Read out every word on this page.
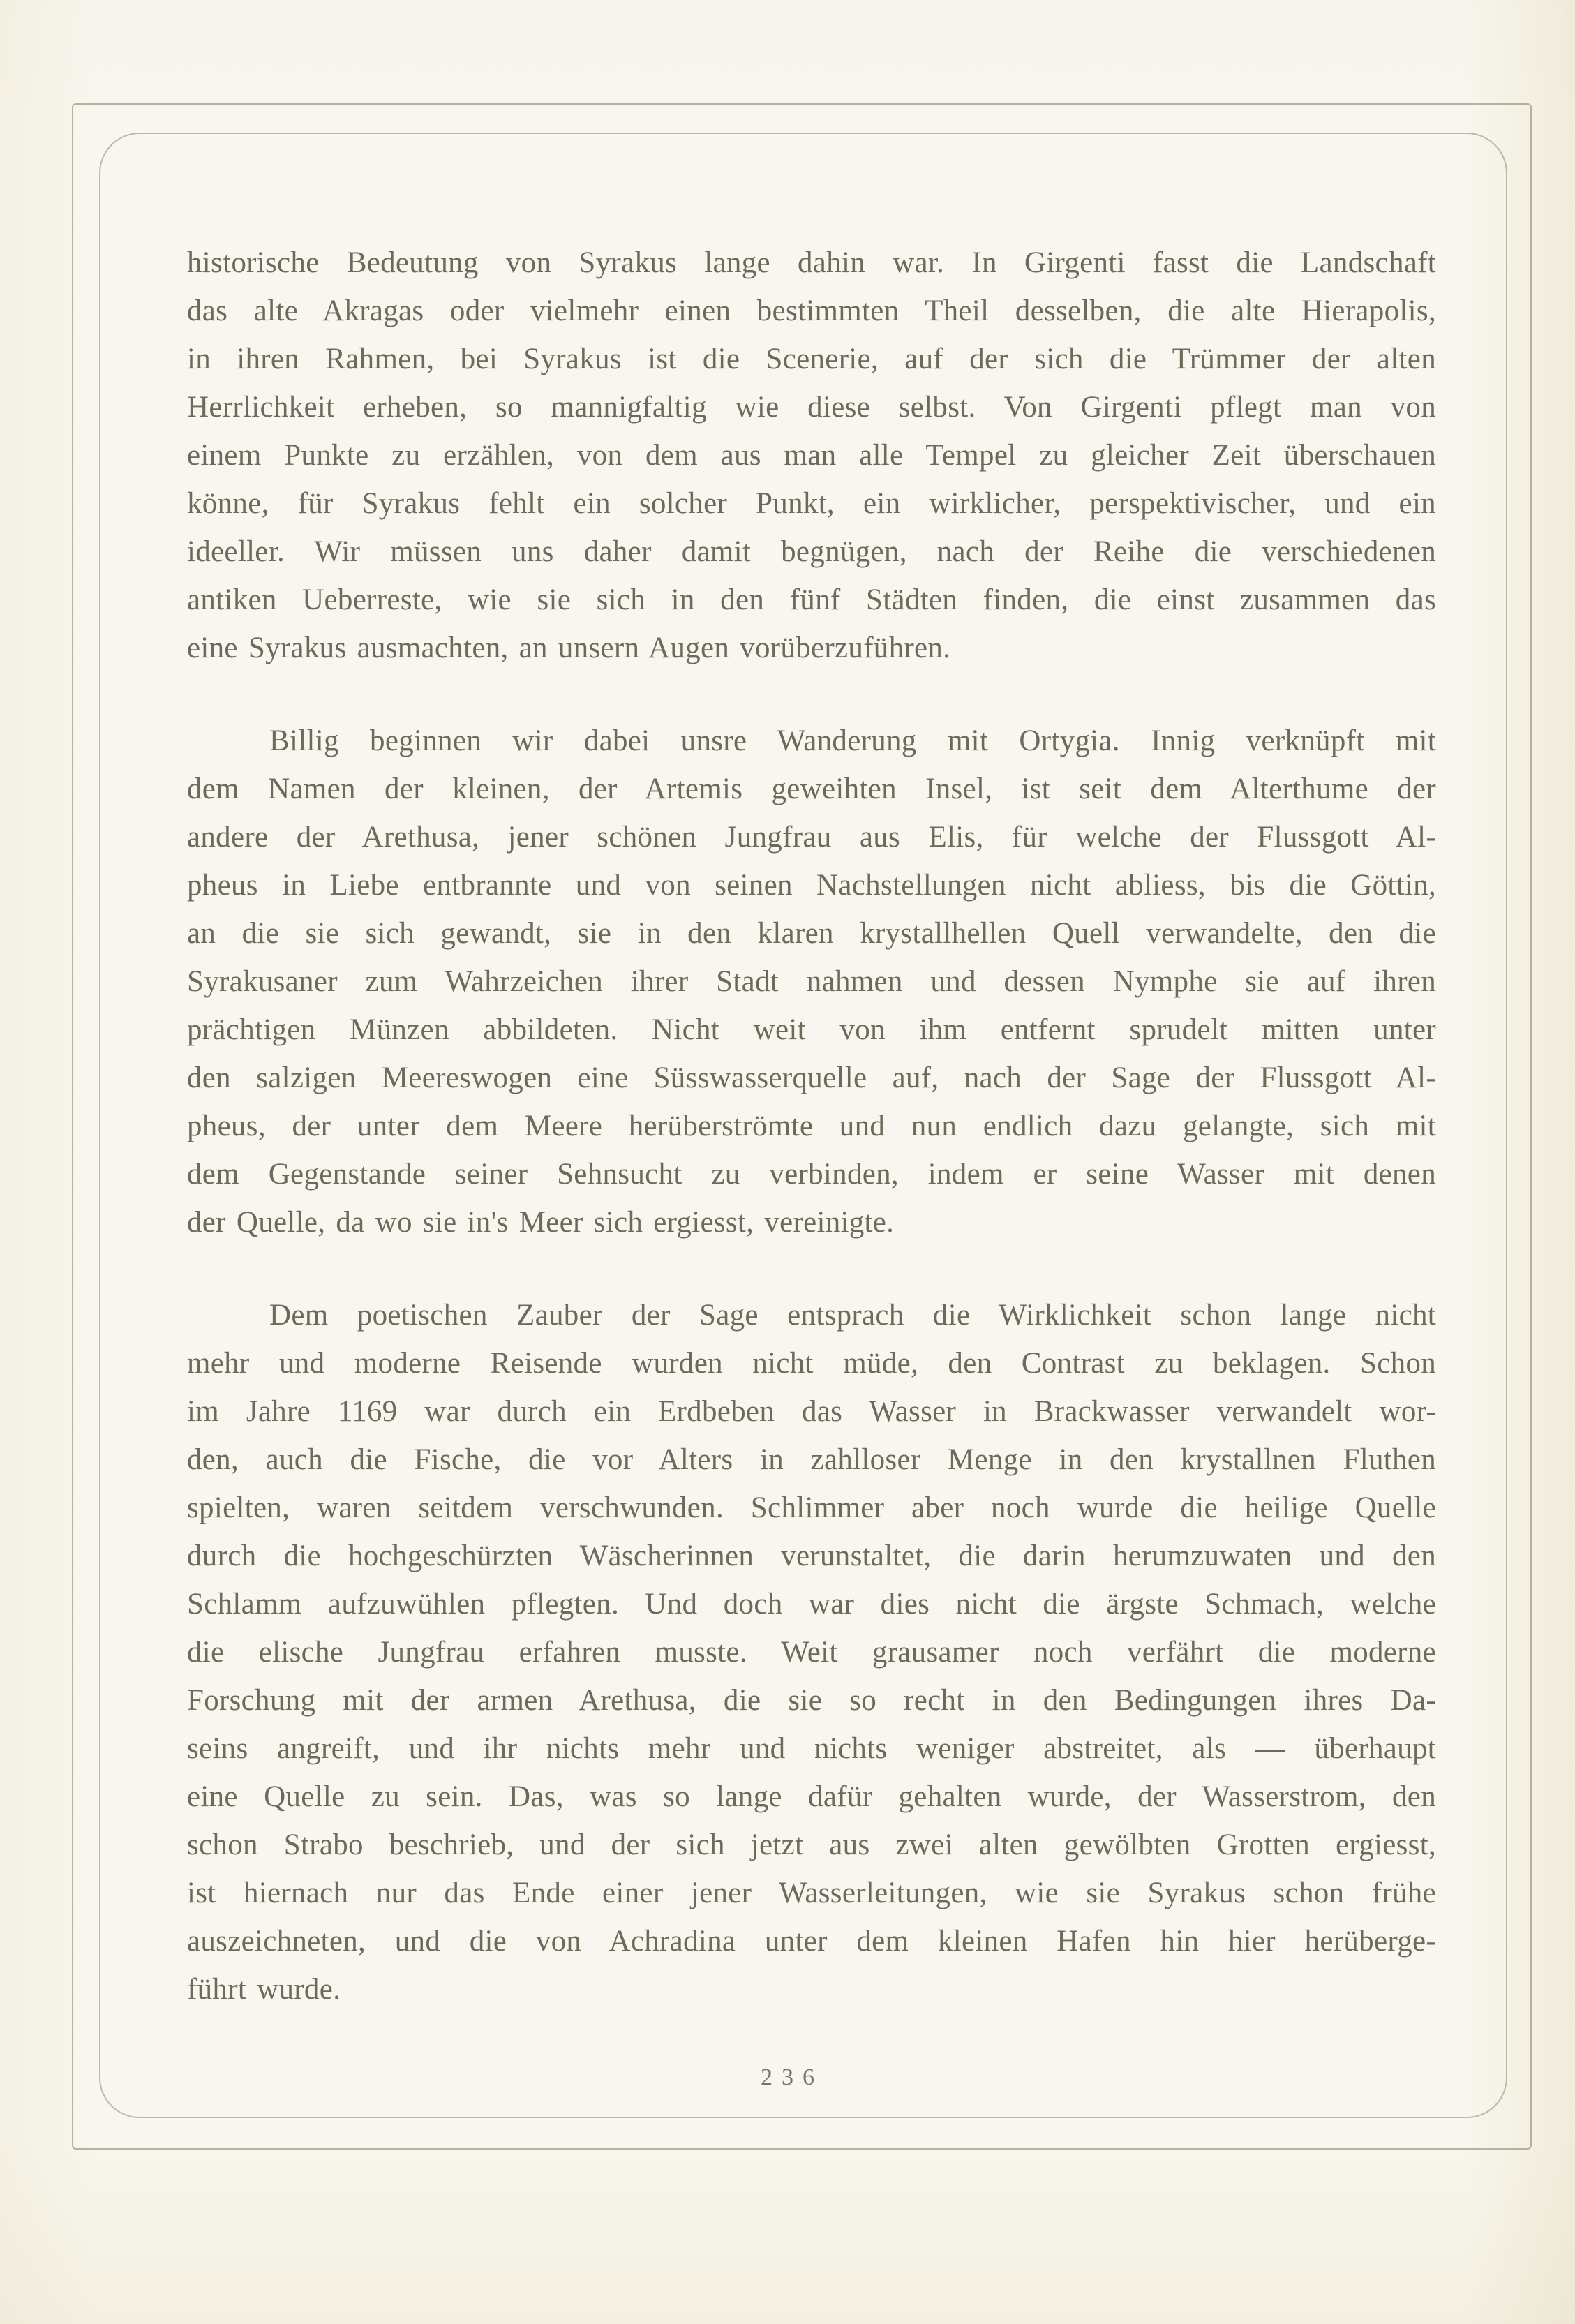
historische Bedeutung von Syrakus lange dahin war. In Girgenti fasst die Landschaft
das alte Akragas oder vielmehr einen bestimmten Theil desselben, die alte Hierapolis,
in ihren Rahmen, bei Syrakus ist die Scenerie, auf der sich die Trümmer der alten
Herrlichkeit erheben, so mannigfaltig wie diese selbst. Von Girgenti pflegt man von
einem Punkte zu erzählen, von dem aus man alle Tempel zu gleicher Zeit überschauen
könne, für Syrakus fehlt ein solcher Punkt, ein wirklicher, perspektivischer, und ein
ideeller. Wir müssen uns daher damit begnügen, nach der Reihe die verschiedenen
antiken Ueberreste, wie sie sich in den fünf Städten finden, die einst zusammen das
eine Syrakus ausmachten, an unsern Augen vorüberzuführen.
Billig beginnen wir dabei unsre Wanderung mit Ortygia. Innig verknüpft mit
dem Namen der kleinen, der Artemis geweihten Insel, ist seit dem Alterthume der
andere der Arethusa, jener schönen Jungfrau aus Elis, für welche der Flussgott Al-
pheus in Liebe entbrannte und von seinen Nachstellungen nicht abliess, bis die Göttin,
an die sie sich gewandt, sie in den klaren krystallhellen Quell verwandelte, den die
Syrakusaner zum Wahrzeichen ihrer Stadt nahmen und dessen Nymphe sie auf ihren
prächtigen Münzen abbildeten. Nicht weit von ihm entfernt sprudelt mitten unter
den salzigen Meereswogen eine Süsswasserquelle auf, nach der Sage der Flussgott Al-
pheus, der unter dem Meere herüberströmte und nun endlich dazu gelangte, sich mit
dem Gegenstande seiner Sehnsucht zu verbinden, indem er seine Wasser mit denen
der Quelle, da wo sie in's Meer sich ergiesst, vereinigte.
Dem poetischen Zauber der Sage entsprach die Wirklichkeit schon lange nicht
mehr und moderne Reisende wurden nicht müde, den Contrast zu beklagen. Schon
im Jahre 1169 war durch ein Erdbeben das Wasser in Brackwasser verwandelt wor-
den, auch die Fische, die vor Alters in zahlloser Menge in den krystallnen Fluthen
spielten, waren seitdem verschwunden. Schlimmer aber noch wurde die heilige Quelle
durch die hochgeschürzten Wäscherinnen verunstaltet, die darin herumzuwaten und den
Schlamm aufzuwühlen pflegten. Und doch war dies nicht die ärgste Schmach, welche
die elische Jungfrau erfahren musste. Weit grausamer noch verfährt die moderne
Forschung mit der armen Arethusa, die sie so recht in den Bedingungen ihres Da-
seins angreift, und ihr nichts mehr und nichts weniger abstreitet, als — überhaupt
eine Quelle zu sein. Das, was so lange dafür gehalten wurde, der Wasserstrom, den
schon Strabo beschrieb, und der sich jetzt aus zwei alten gewölbten Grotten ergiesst,
ist hiernach nur das Ende einer jener Wasserleitungen, wie sie Syrakus schon frühe
auszeichneten, und die von Achradina unter dem kleinen Hafen hin hier herüberge-
führt wurde.
236
